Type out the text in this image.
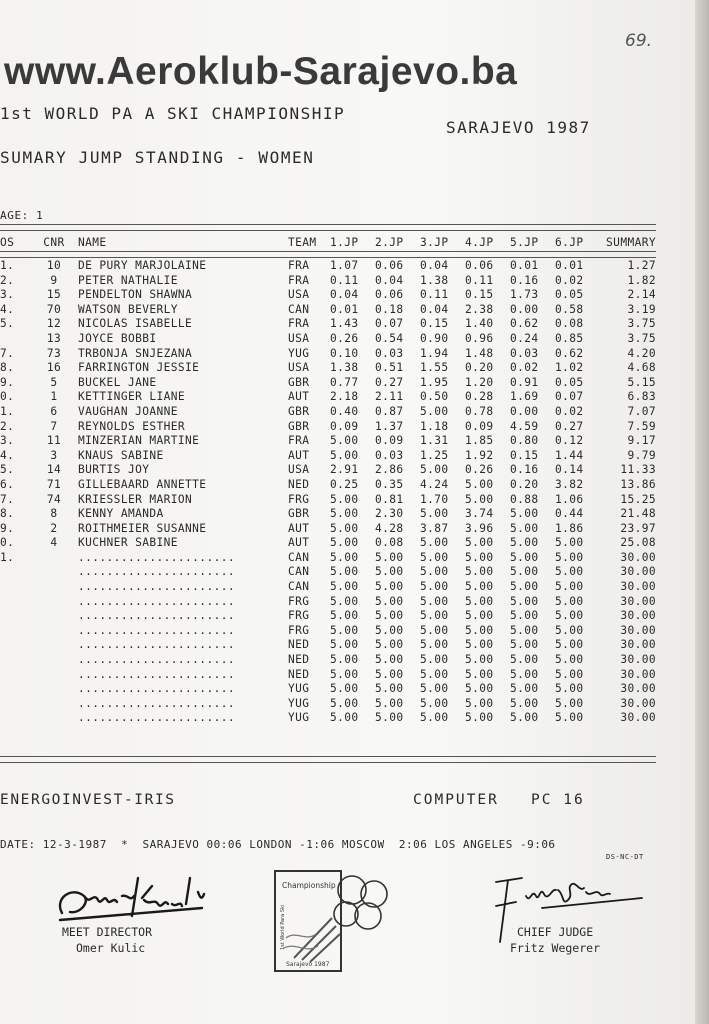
www.Aeroklub-Sarajevo.ba
69.
1st WORLD PA A SKI CHAMPIONSHIP
SARAJEVO 1987
SUMARY JUMP STANDING - WOMEN
AGE: 1
OS	CNR	NAME	TEAM	1.JP	2.JP	3.JP	4.JP	5.JP	6.JP	SUMMARY

1.	10	DE PURY MARJOLAINE	FRA	1.07	0.06	0.04	0.06	0.01	0.01	1.27
2.	9	PETER NATHALIE	FRA	0.11	0.04	1.38	0.11	0.16	0.02	1.82
3.	15	PENDELTON SHAWNA	USA	0.04	0.06	0.11	0.15	1.73	0.05	2.14
4.	70	WATSON BEVERLY	CAN	0.01	0.18	0.04	2.38	0.00	0.58	3.19
5.	12	NICOLAS ISABELLE	FRA	1.43	0.07	0.15	1.40	0.62	0.08	3.75
	13	JOYCE BOBBI	USA	0.26	0.54	0.90	0.96	0.24	0.85	3.75
7.	73	TRBONJA SNJEZANA	YUG	0.10	0.03	1.94	1.48	0.03	0.62	4.20
8.	16	FARRINGTON JESSIE	USA	1.38	0.51	1.55	0.20	0.02	1.02	4.68
9.	5	BUCKEL JANE	GBR	0.77	0.27	1.95	1.20	0.91	0.05	5.15
0.	1	KETTINGER LIANE	AUT	2.18	2.11	0.50	0.28	1.69	0.07	6.83
1.	6	VAUGHAN JOANNE	GBR	0.40	0.87	5.00	0.78	0.00	0.02	7.07
2.	7	REYNOLDS ESTHER	GBR	0.09	1.37	1.18	0.09	4.59	0.27	7.59
3.	11	MINZERIAN MARTINE	FRA	5.00	0.09	1.31	1.85	0.80	0.12	9.17
4.	3	KNAUS SABINE	AUT	5.00	0.03	1.25	1.92	0.15	1.44	9.79
5.	14	BURTIS JOY	USA	2.91	2.86	5.00	0.26	0.16	0.14	11.33
6.	71	GILLEBAARD ANNETTE	NED	0.25	0.35	4.24	5.00	0.20	3.82	13.86
7.	74	KRIESSLER MARION	FRG	5.00	0.81	1.70	5.00	0.88	1.06	15.25
8.	8	KENNY AMANDA	GBR	5.00	2.30	5.00	3.74	5.00	0.44	21.48
9.	2	ROITHMEIER SUSANNE	AUT	5.00	4.28	3.87	3.96	5.00	1.86	23.97
0.	4	KUCHNER SABINE	AUT	5.00	0.08	5.00	5.00	5.00	5.00	25.08
1.		......................	CAN	5.00	5.00	5.00	5.00	5.00	5.00	30.00
		......................	CAN	5.00	5.00	5.00	5.00	5.00	5.00	30.00
		......................	CAN	5.00	5.00	5.00	5.00	5.00	5.00	30.00
		......................	FRG	5.00	5.00	5.00	5.00	5.00	5.00	30.00
		......................	FRG	5.00	5.00	5.00	5.00	5.00	5.00	30.00
		......................	FRG	5.00	5.00	5.00	5.00	5.00	5.00	30.00
		......................	NED	5.00	5.00	5.00	5.00	5.00	5.00	30.00
		......................	NED	5.00	5.00	5.00	5.00	5.00	5.00	30.00
		......................	NED	5.00	5.00	5.00	5.00	5.00	5.00	30.00
		......................	YUG	5.00	5.00	5.00	5.00	5.00	5.00	30.00
		......................	YUG	5.00	5.00	5.00	5.00	5.00	5.00	30.00
		......................	YUG	5.00	5.00	5.00	5.00	5.00	5.00	30.00
ENERGOINVEST-IRIS	COMPUTER   PC 16
DATE: 12-3-1987  *  SARAJEVO 00:06 LONDON -1:06 MOSCOW  2:06 LOS ANGELES -9:06
DS-NC-DT
MEET DIRECTOR
Omer Kulic
Championship
Sarajevo 1987
1st World Para Ski	CHIEF JUDGE
Fritz Wegerer
